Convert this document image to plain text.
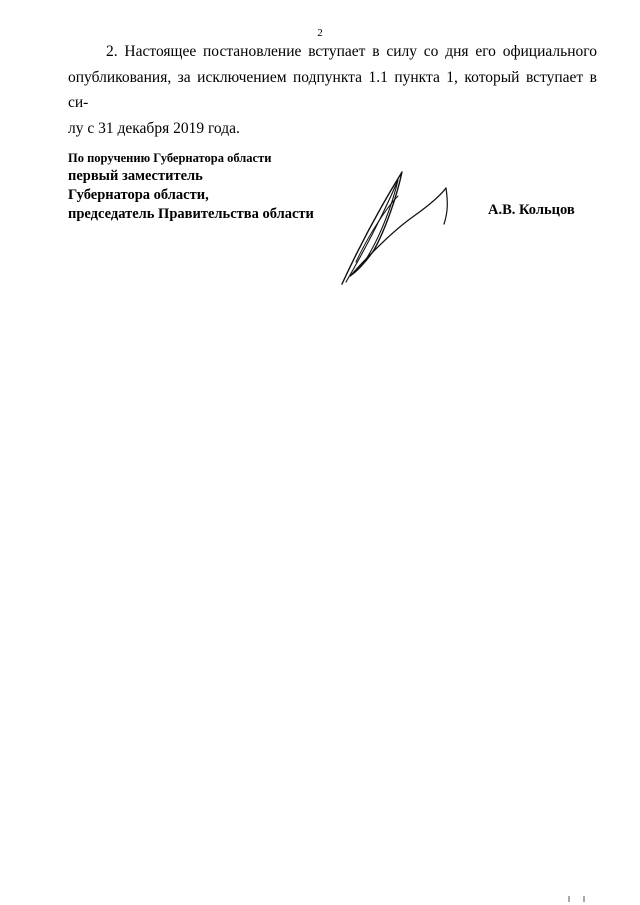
2

2. Настоящее постановление вступает в силу со дня его официального
опубликования, за исключением подпункта 1.1 пункта 1, который вступает в си-
лу с 31 декабря 2019 года.

По поручению Губернатора области
первый заместитель
Губернатора области,
председатель Правительства области	А.В. Кольцов
